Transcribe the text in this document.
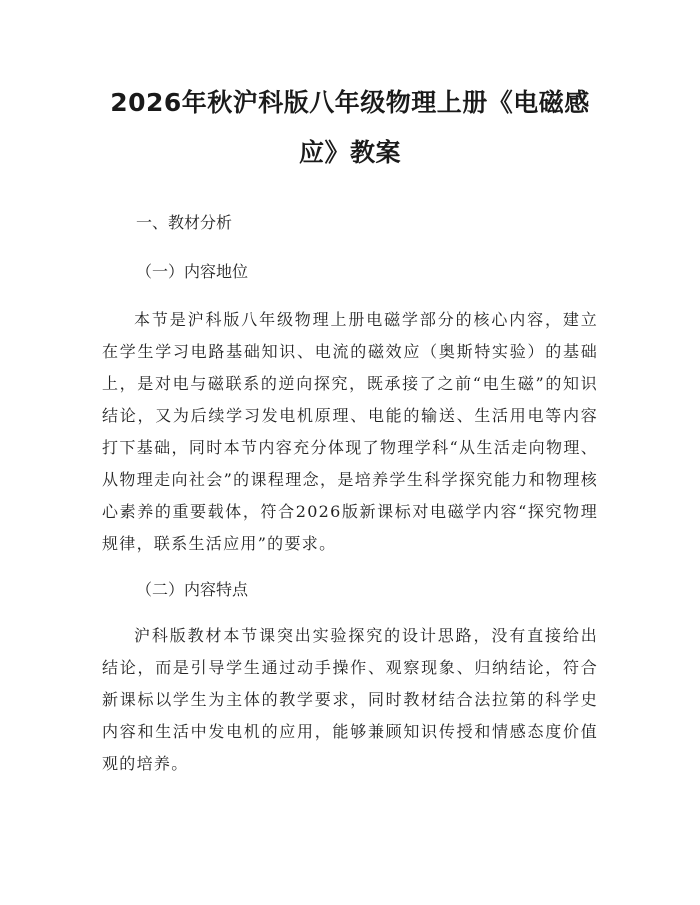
2026年秋沪科版八年级物理上册《电磁感
应》教案

一、教材分析

（一）内容地位

本节是沪科版八年级物理上册电磁学部分的核心内容，建立在学生学习电路基础知识、电流的磁效应（奥斯特实验）的基础上，是对电与磁联系的逆向探究，既承接了之前“电生磁”的知识结论，又为后续学习发电机原理、电能的输送、生活用电等内容打下基础，同时本节内容充分体现了物理学科“从生活走向物理、从物理走向社会”的课程理念，是培养学生科学探究能力和物理核心素养的重要载体，符合2026版新课标对电磁学内容“探究物理规律，联系生活应用”的要求。

（二）内容特点

沪科版教材本节课突出实验探究的设计思路，没有直接给出结论，而是引导学生通过动手操作、观察现象、归纳结论，符合新课标以学生为主体的教学要求，同时教材结合法拉第的科学史内容和生活中发电机的应用，能够兼顾知识传授和情感态度价值观的培养。
